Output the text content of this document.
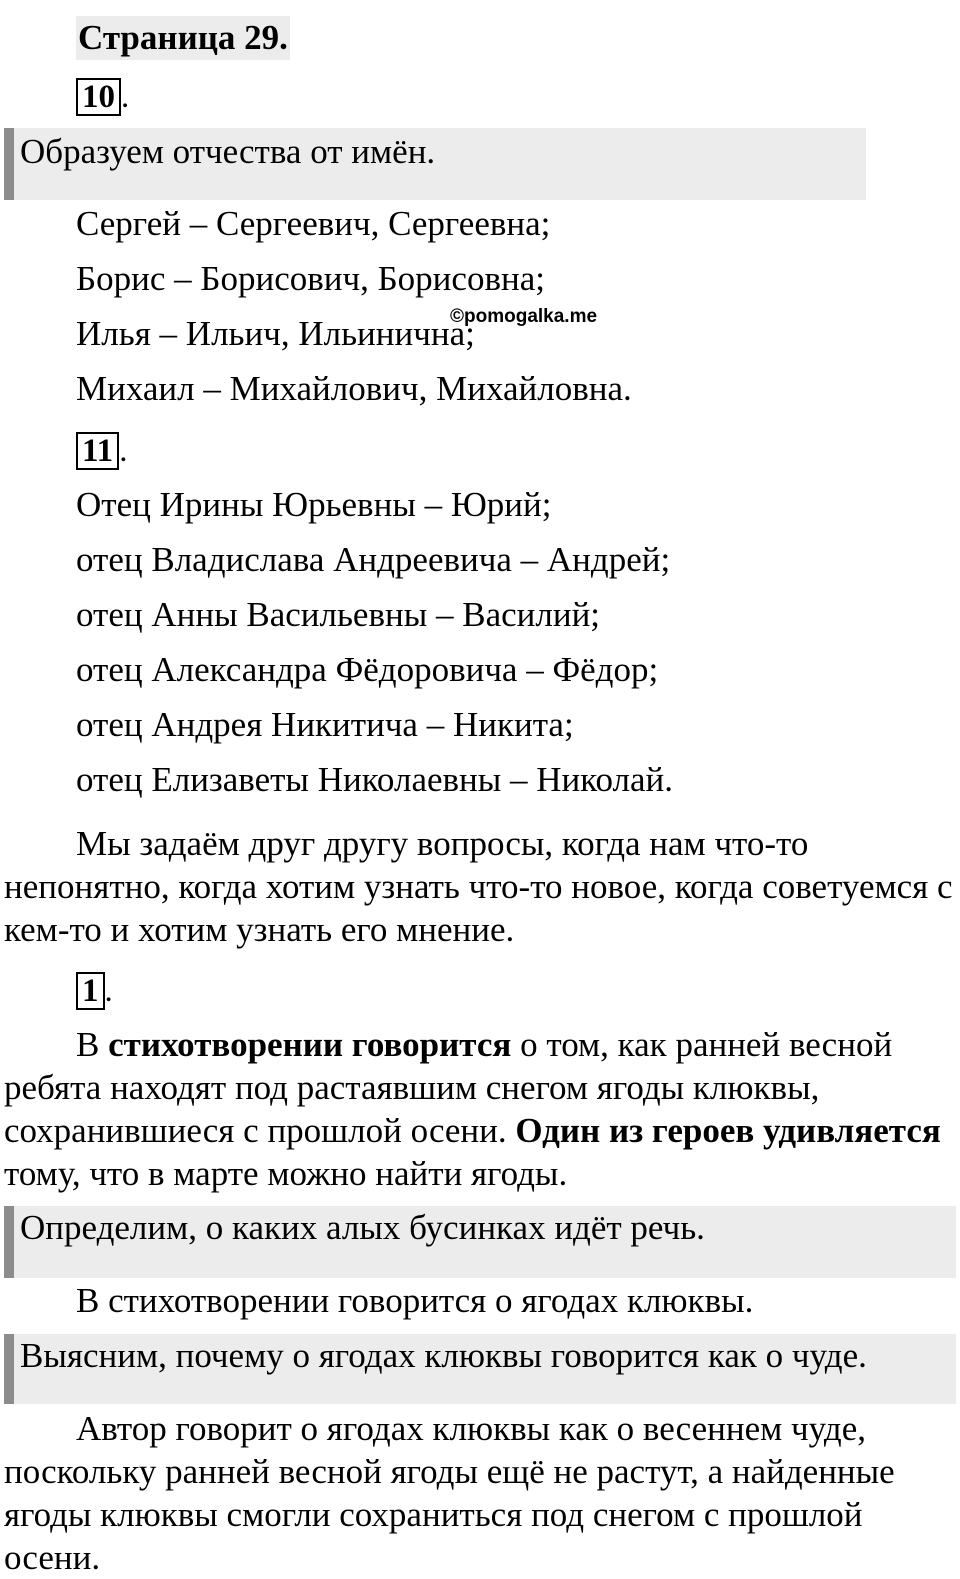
Страница 29.
10 .
Образуем отчества от имён.
Сергей – Сергеевич, Сергеевна;
Борис – Борисович, Борисовна;
Илья – Ильич, Ильинична;
Михаил – Михайлович, Михайловна.
©pomogalka.me
11 .
Отец Ирины Юрьевны – Юрий;
отец Владислава Андреевича – Андрей;
отец Анны Васильевны – Василий;
отец Александра Фёдоровича – Фёдор;
отец Андрея Никитича – Никита;
отец Елизаветы Николаевны – Николай.
Мы задаём друг другу вопросы, когда нам что-то непонятно, когда хотим узнать что-то новое, когда советуемся с кем-то и хотим узнать его мнение.
1 .
В стихотворении говорится о том, как ранней весной ребята находят под растаявшим снегом ягоды клюквы, сохранившиеся с прошлой осени. Один из героев удивляется тому, что в марте можно найти ягоды.
Определим, о каких алых бусинках идёт речь.
В стихотворении говорится о ягодах клюквы.
Выясним, почему о ягодах клюквы говорится как о чуде.
Автор говорит о ягодах клюквы как о весеннем чуде, поскольку ранней весной ягоды ещё не растут, а найденные ягоды клюквы смогли сохраниться под снегом с прошлой осени.
